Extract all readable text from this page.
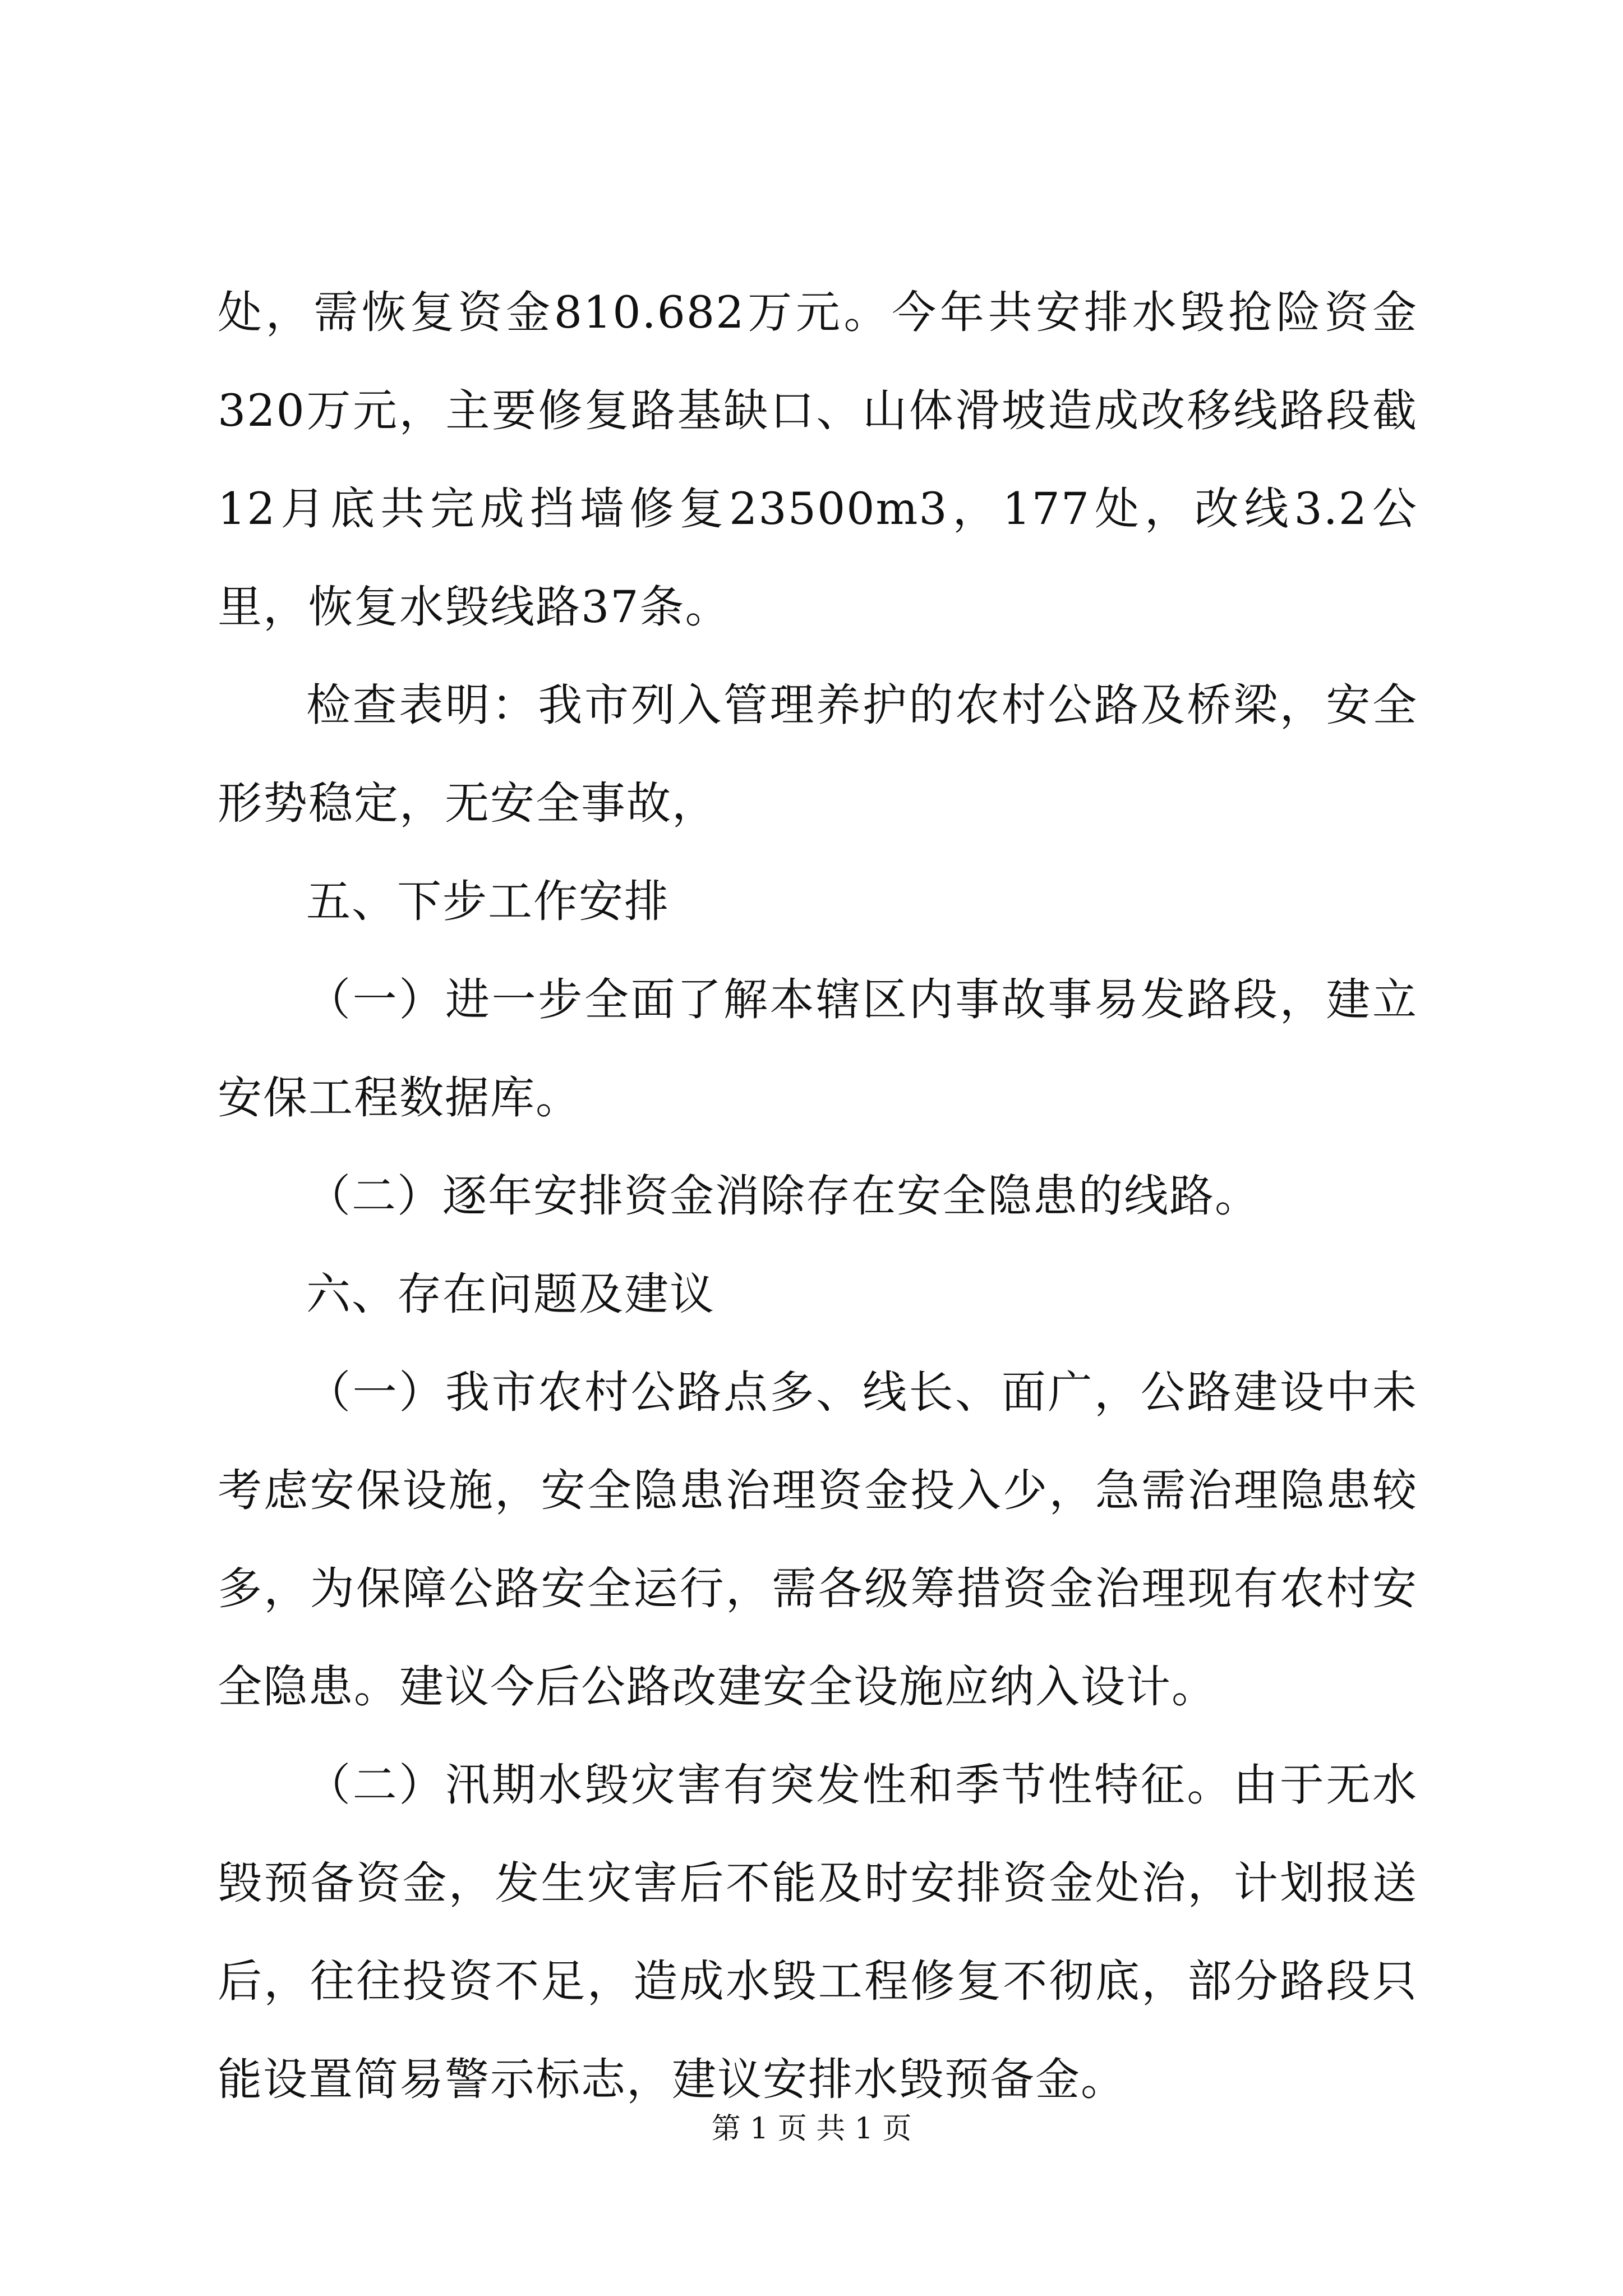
处，需恢复资金810.682万元。今年共安排水毁抢险资金320万元，主要修复路基缺口、山体滑坡造成改移线路段截12月底共完成挡墙修复23500m3，177处，改线3.2公里，恢复水毁线路37条。

检查表明：我市列入管理养护的农村公路及桥梁，安全形势稳定，无安全事故，

五、下步工作安排

（一）进一步全面了解本辖区内事故事易发路段，建立安保工程数据库。

（二）逐年安排资金消除存在安全隐患的线路。

六、存在问题及建议

（一）我市农村公路点多、线长、面广，公路建设中未考虑安保设施，安全隐患治理资金投入少，急需治理隐患较多，为保障公路安全运行，需各级筹措资金治理现有农村安全隐患。建议今后公路改建安全设施应纳入设计。

（二）汛期水毁灾害有突发性和季节性特征。由于无水毁预备资金，发生灾害后不能及时安排资金处治，计划报送后，往往投资不足，造成水毁工程修复不彻底，部分路段只能设置简易警示标志，建议安排水毁预备金。

第 1 页 共 1 页
